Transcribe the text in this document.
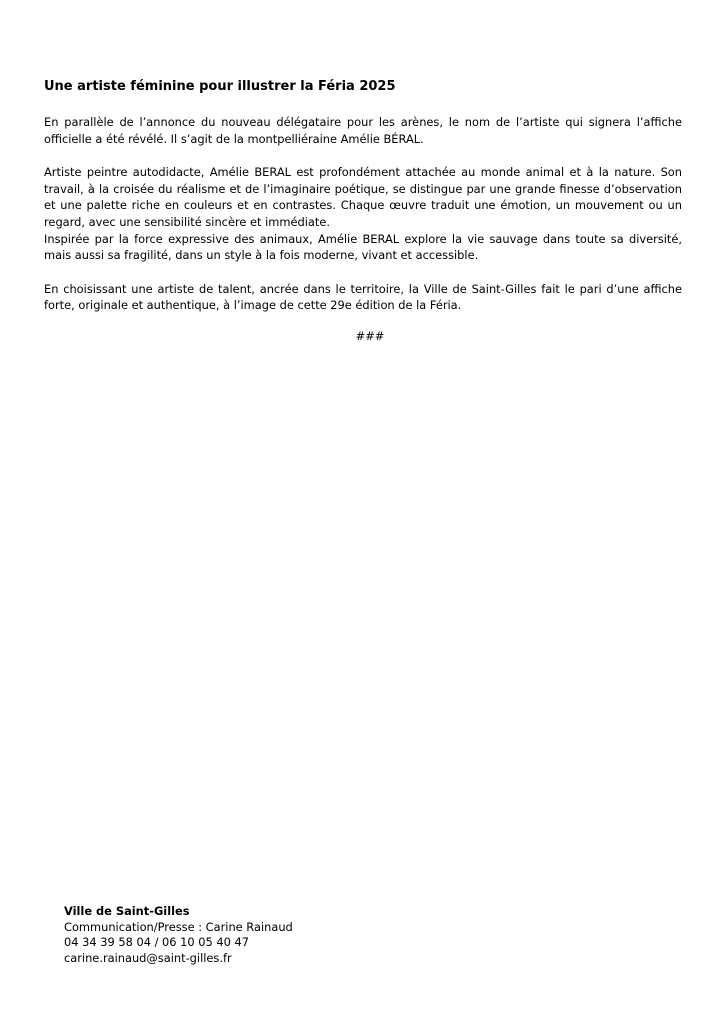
Une artiste féminine pour illustrer la Féria 2025

En parallèle de l’annonce du nouveau délégataire pour les arènes, le nom de l’artiste qui signera l’affiche officielle a été révélé. Il s’agit de la montpelliéraine Amélie BÉRAL.

Artiste peintre autodidacte, Amélie BERAL est profondément attachée au monde animal et à la nature. Son travail, à la croisée du réalisme et de l’imaginaire poétique, se distingue par une grande finesse d’observation et une palette riche en couleurs et en contrastes. Chaque œuvre traduit une émotion, un mouvement ou un regard, avec une sensibilité sincère et immédiate.

Inspirée par la force expressive des animaux, Amélie BERAL explore la vie sauvage dans toute sa diversité, mais aussi sa fragilité, dans un style à la fois moderne, vivant et accessible.

En choisissant une artiste de talent, ancrée dans le territoire, la Ville de Saint-Gilles fait le pari d’une affiche forte, originale et authentique, à l’image de cette 29e édition de la Féria.

###
Ville de Saint-Gilles
Communication/Presse : Carine Rainaud
04 34 39 58 04 / 06 10 05 40 47
carine.rainaud@saint-gilles.fr
